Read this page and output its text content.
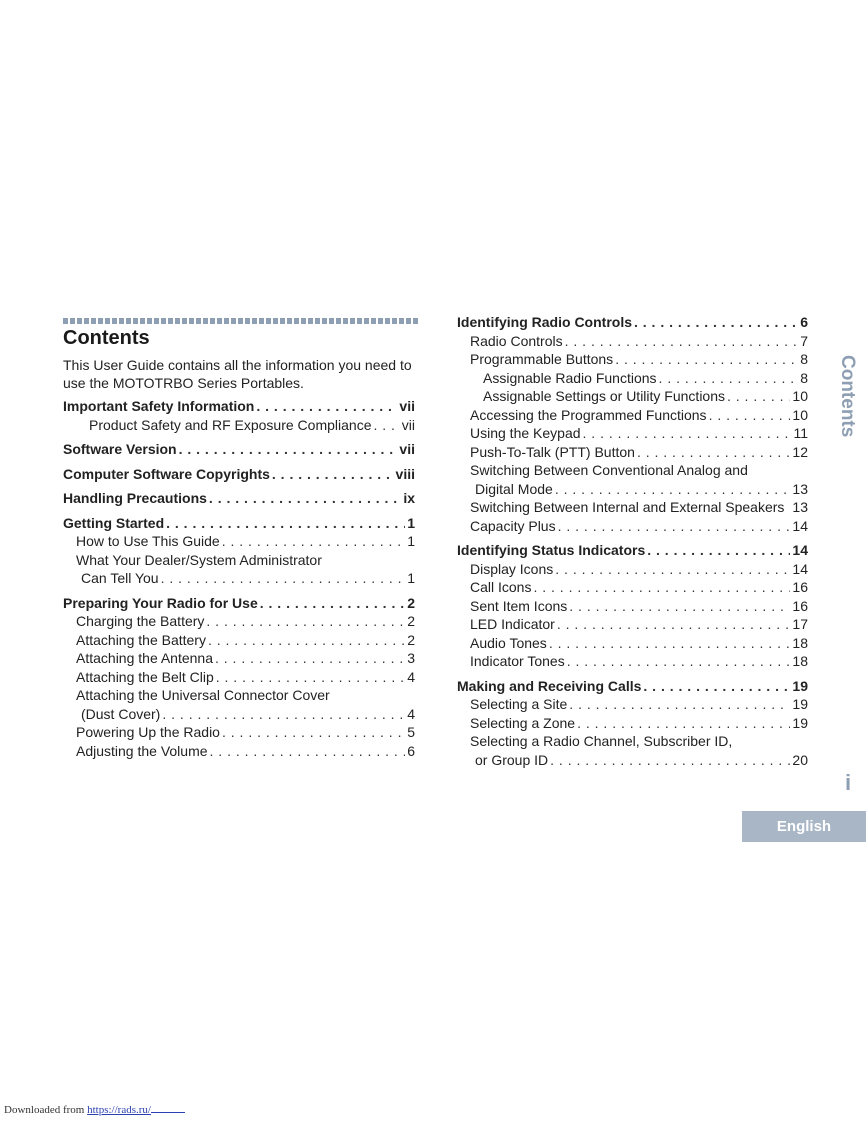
Contents
This User Guide contains all the information you need to use the MOTOTRBO Series Portables.
Important Safety Information . . .	vii
Product Safety and RF Exposure Compliance . . . vii
Software Version . . .	vii
Computer Software Copyrights . . .	viii
Handling Precautions . . .	ix
Getting Started . . .	1
How to Use This Guide . . .	1
What Your Dealer/System Administrator
Can Tell You . . .	1
Preparing Your Radio for Use . . .	2
Charging the Battery . . .	2
Attaching the Battery . . .	2
Attaching the Antenna . . .	3
Attaching the Belt Clip . . .	4
Attaching the Universal Connector Cover
(Dust Cover) . . .	4
Powering Up the Radio . . .	5
Adjusting the Volume . . .	6
Identifying Radio Controls . . .	6
Radio Controls . . .	7
Programmable Buttons . . .	8
Assignable Radio Functions . . .	8
Assignable Settings or Utility Functions . . .	10
Accessing the Programmed Functions . . .	10
Using the Keypad . . .	11
Push-To-Talk (PTT) Button . . .	12
Switching Between Conventional Analog and
Digital Mode . . .	13
Switching Between Internal and External Speakers 13
Capacity Plus . . .	14
Identifying Status Indicators . . .	14
Display Icons . . .	14
Call Icons . . .	16
Sent Item Icons . . .	16
LED Indicator . . .	17
Audio Tones . . .	18
Indicator Tones . . .	18
Making and Receiving Calls . . .	19
Selecting a Site . . .	19
Selecting a Zone . . .	19
Selecting a Radio Channel, Subscriber ID,
or Group ID . . .	20
Contents
i
English
Downloaded from https://rads.ru/
